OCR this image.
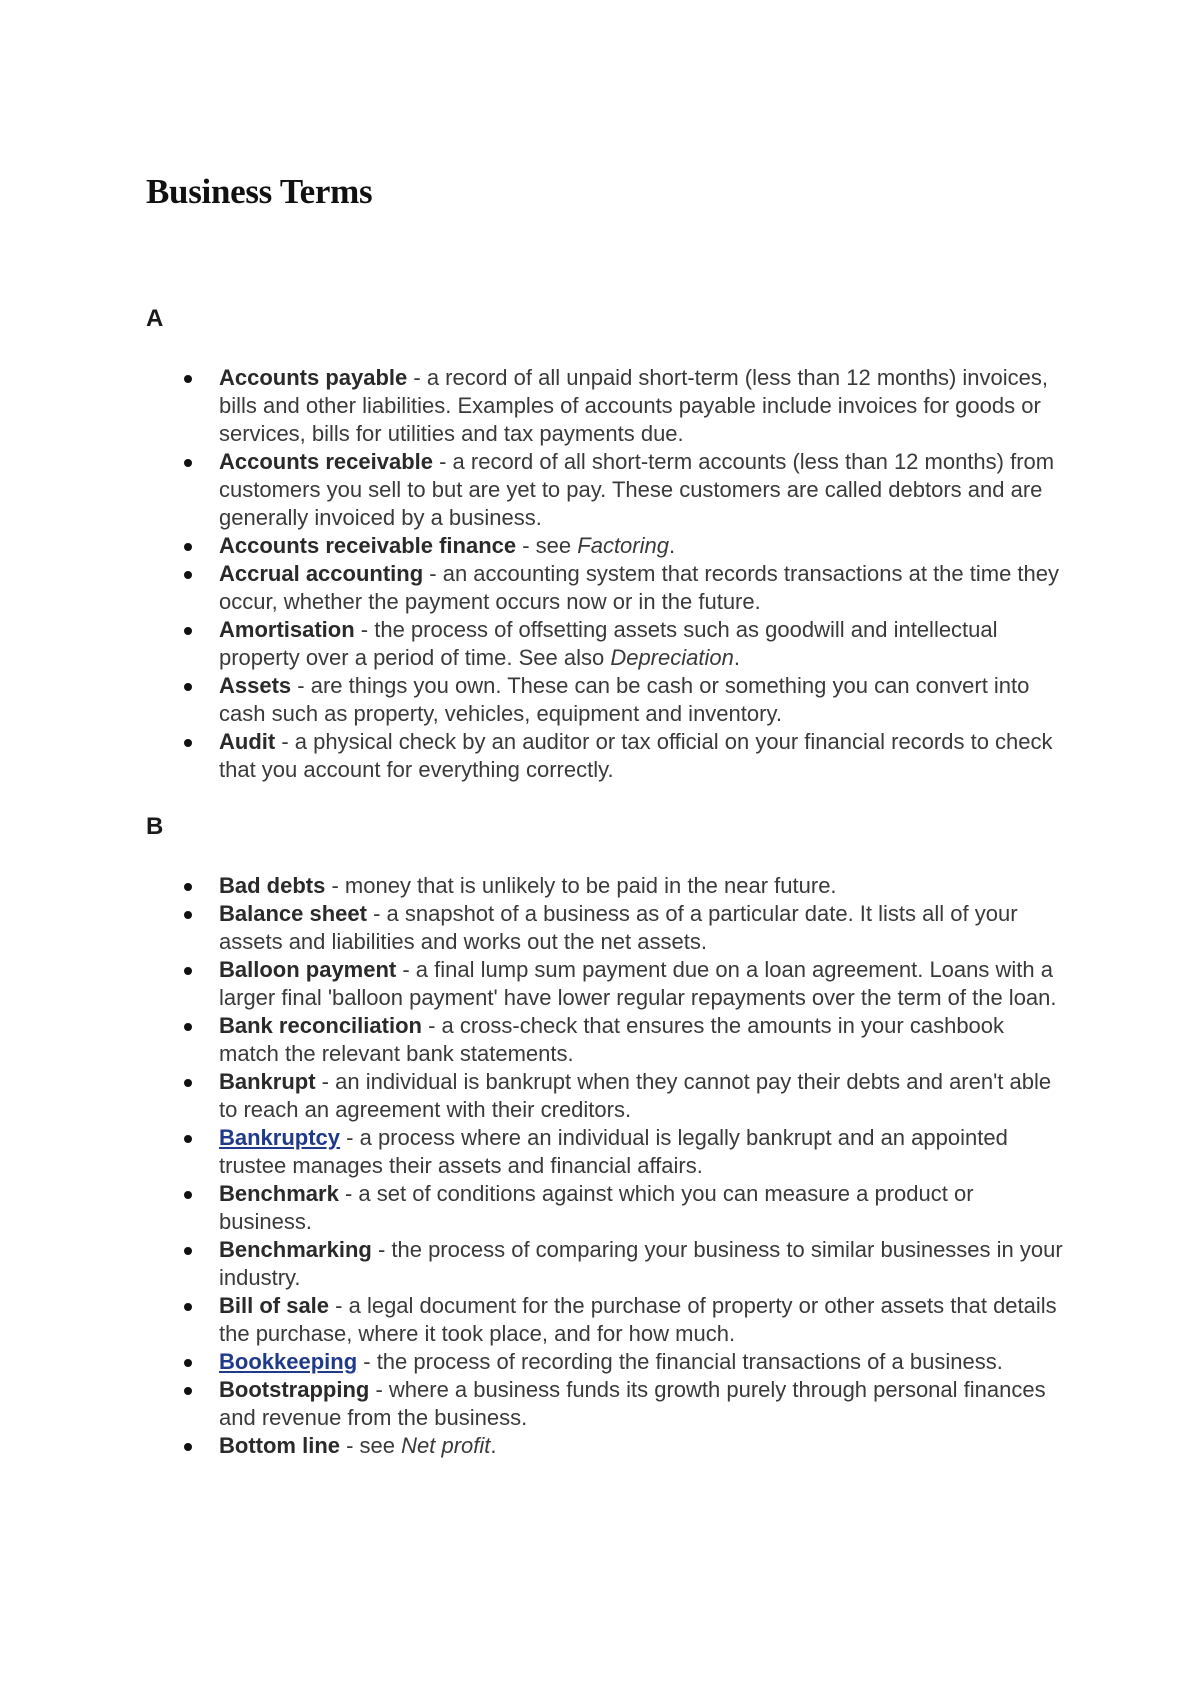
Business Terms
A
Accounts payable - a record of all unpaid short-term (less than 12 months) invoices, bills and other liabilities. Examples of accounts payable include invoices for goods or services, bills for utilities and tax payments due.
Accounts receivable - a record of all short-term accounts (less than 12 months) from customers you sell to but are yet to pay. These customers are called debtors and are generally invoiced by a business.
Accounts receivable finance - see Factoring.
Accrual accounting - an accounting system that records transactions at the time they occur, whether the payment occurs now or in the future.
Amortisation - the process of offsetting assets such as goodwill and intellectual property over a period of time. See also Depreciation.
Assets - are things you own. These can be cash or something you can convert into cash such as property, vehicles, equipment and inventory.
Audit - a physical check by an auditor or tax official on your financial records to check that you account for everything correctly.
B
Bad debts - money that is unlikely to be paid in the near future.
Balance sheet - a snapshot of a business as of a particular date. It lists all of your assets and liabilities and works out the net assets.
Balloon payment - a final lump sum payment due on a loan agreement. Loans with a larger final 'balloon payment' have lower regular repayments over the term of the loan.
Bank reconciliation - a cross-check that ensures the amounts in your cashbook match the relevant bank statements.
Bankrupt - an individual is bankrupt when they cannot pay their debts and aren't able to reach an agreement with their creditors.
Bankruptcy - a process where an individual is legally bankrupt and an appointed trustee manages their assets and financial affairs.
Benchmark - a set of conditions against which you can measure a product or business.
Benchmarking - the process of comparing your business to similar businesses in your industry.
Bill of sale - a legal document for the purchase of property or other assets that details the purchase, where it took place, and for how much.
Bookkeeping - the process of recording the financial transactions of a business.
Bootstrapping - where a business funds its growth purely through personal finances and revenue from the business.
Bottom line - see Net profit.
